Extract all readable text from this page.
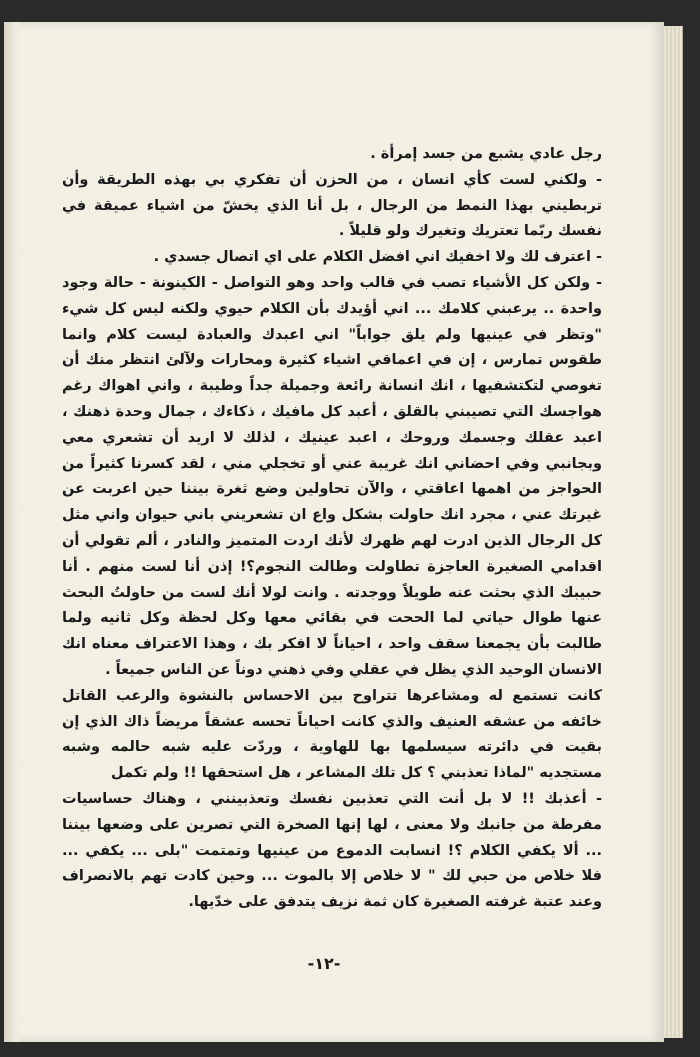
رجل عادي يشبع من جسد إمرأة .

- ولكني لست كأي انسان ، من الحزن أن تفكري بي بهذه الطريقة وأن تربطيني بهذا النمط من الرجال ، بل أنا الذي يخشّ من اشياء عميقة في نفسك ربّما تعتريك وتغيرك ولو قليلاً .

- اعترف لك ولا اخفيك اني افضل الكلام على اي اتصال جسدي .

- ولكن كل الأشياء تصب في قالب واحد وهو التواصل - الكينونة - حالة وجود واحدة .. يرعبني كلامك ... اني أؤيدك بأن الكلام حيوي ولكنه ليس كل شيء "وتظر في عينيها ولم يلق جواباً" اني اعبدك والعبادة ليست كلام وانما طقوس تمارس ، إن في اعماقي اشياء كثيرة ومحارات ولآلئ انتظر منك أن تغوصي لتكتشفيها ، انك انسانة رائعة وجميلة جداً وطيبة ، واني اهواك رغم هواجسك التي تصيبني بالقلق ، أعبد كل مافيك ، ذكاءك ، جمال وحدة ذهنك ، اعبد عقلك وجسمك وروحك ، اعبد عينيك ، لذلك لا اريد أن تشعري معي وبجانبي وفي احضاني انك غريبة عني أو تخجلي مني ، لقد كسرنا كثيراً من الحواجز من اهمها اعاقتي ، والآن تحاولين وضع ثغرة بيننا حين اعربت عن غيرتك عني ، مجرد انك حاولت بشكل واع ان تشعريني باني حيوان واني مثل كل الرجال الذين ادرت لهم ظهرك لأنك اردت المتميز والنادر ، ألم تقولي أن اقدامي الصغيرة العاجزة تطاولت وطالت النجوم؟! إذن أنا لست منهم . أنا حبيبك الذي بحثت عنه طويلاً ووجدته . وانت لولا أنك لست من حاولتُ البحث عنها طوال حياتي لما الححت في بقائي معها وكل لحظة وكل ثانيه ولما طالبت بأن يجمعنا سقف واحد ، احياناً لا افكر بك ، وهذا الاعتراف معناه انك الانسان الوحيد الذي يظل في عقلي وفي ذهني دوناً عن الناس جميعاً .

كانت تستمع له ومشاعرها تتراوح بين الاحساس بالنشوة والرعب القاتل خائفه من عشقه العنيف والذي كانت احياناً تحسه عشقاً مريضاً ذاك الذي إن بقيت في دائرته سيسلمها بها للهاوية ، وردّت عليه شبه حالمه وشبه مستجديه "لماذا تعذبني ؟ كل تلك المشاعر ، هل استحقها !! ولم تكمل

- أعذبك !! لا بل أنت التي تعذبين نفسك وتعذبينني ، وهناك حساسيات مفرطة من جانبك ولا معنى ، لها إنها الصخرة التي تصرين على وضعها بيننا ... ألا يكفي الكلام ؟! انسابت الدموع من عينيها وتمتمت "بلى ... يكفي ... فلا خلاص من حبي لك " لا خلاص إلا بالموت ... وحين كادت تهم بالانصراف وعند عتبة غرفته الصغيرة كان ثمة نزيف يتدفق على خدّيها.

-١٢-
